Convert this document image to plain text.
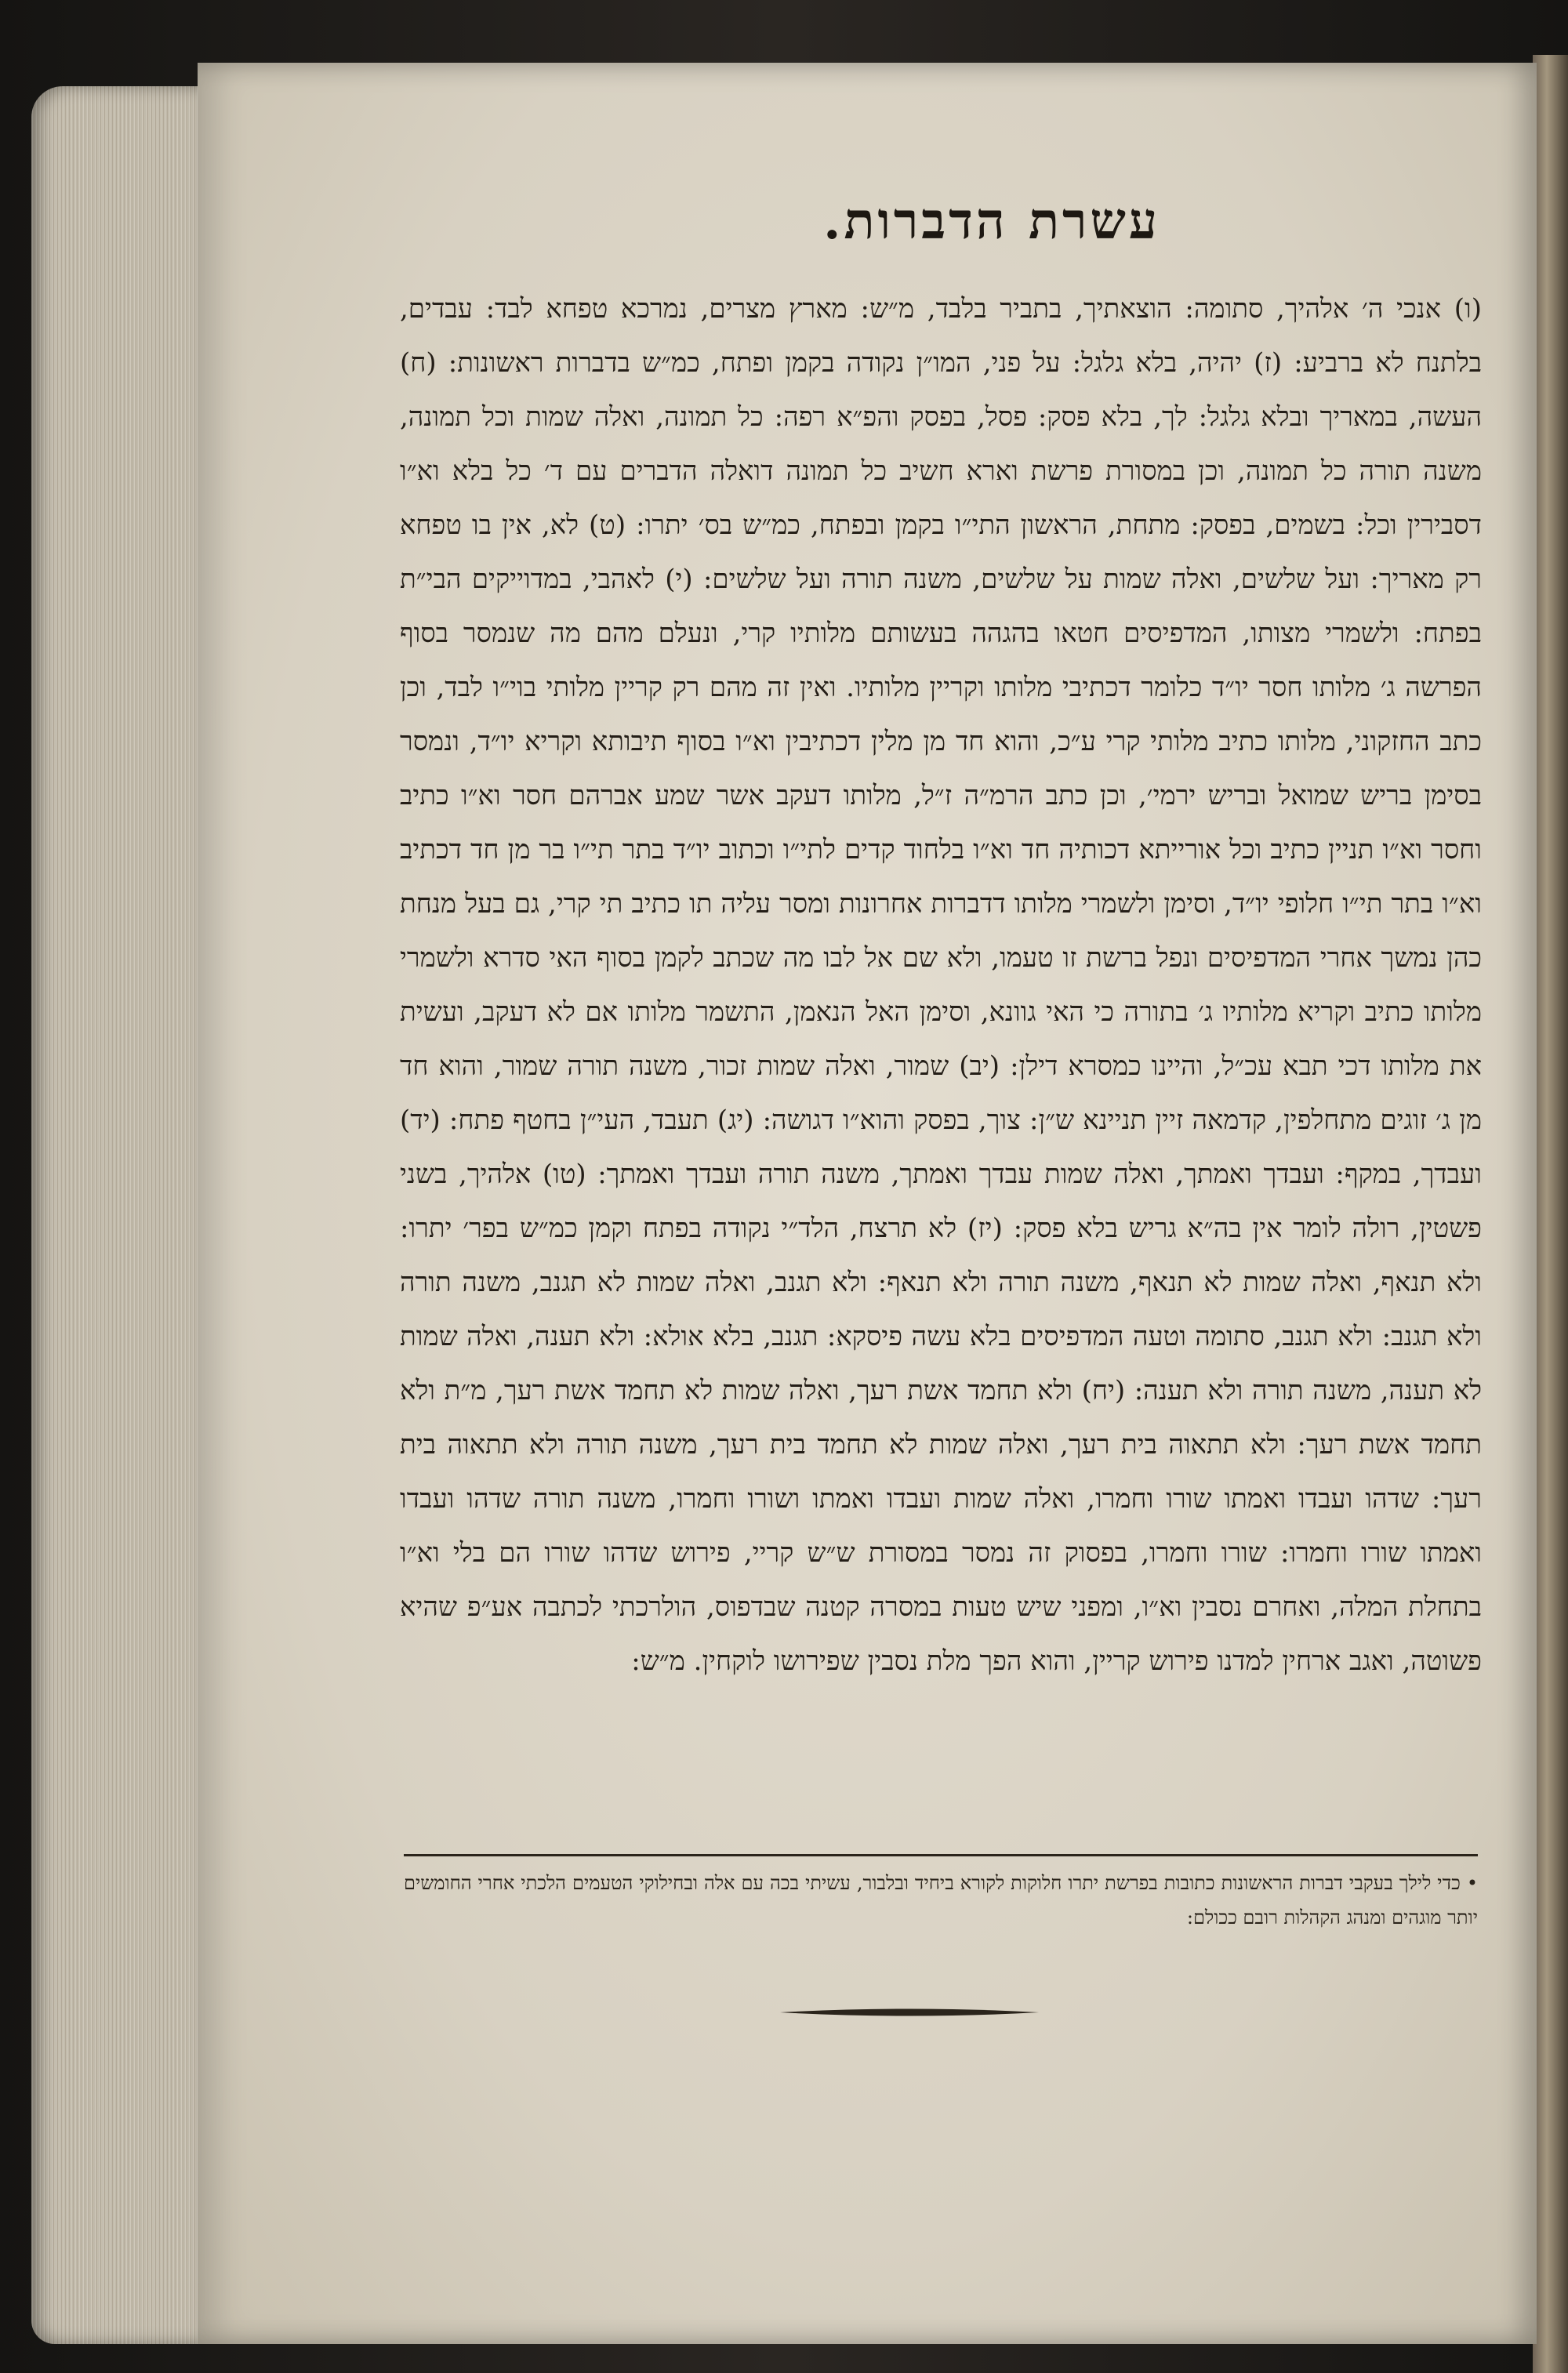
עשרת הדברות.

(ו) אנכי ה׳ אלהיך, סתומה: הוצאתיך, בתביר בלבד, מ״ש: מארץ מצרים, נמרכא טפחא לבד: עבדים, בלתנח לא ברביע: (ז) יהיה, בלא גלגל: על פני, המו״ן נקודה בקמן ופתח, כמ״ש בדברות ראשונות: (ח) העשה, במאריך ובלא גלגל: לך, בלא פסק: פסל, בפסק והפ״א רפה: כל תמונה, ואלה שמות וכל תמונה, משנה תורה כל תמונה, וכן במסורת פרשת וארא חשיב כל תמונה דואלה הדברים עם ד׳ כל בלא וא״ו דסבירין וכל: בשמים, בפסק: מתחת, הראשון התי״ו בקמן ובפתח, כמ״ש בס׳ יתרו: (ט) לא, אין בו טפחא רק מאריך: ועל שלשים, ואלה שמות על שלשים, משנה תורה ועל שלשים: (י) לאהבי, במדוייקים הבי״ת בפתח: ולשמרי מצותו, המדפיסים חטאו בהגהה בעשותם מלותיו קרי, ונעלם מהם מה שנמסר בסוף הפרשה ג׳ מלותו חסר יו״ד כלומר דכתיבי מלותו וקריין מלותיו. ואין זה מהם רק קריין מלותי בוי״ו לבד, וכן כתב החזקוני, מלותו כתיב מלותי קרי ע״כ, והוא חד מן מלין דכתיבין וא״ו בסוף תיבותא וקריא יו״ד, ונמסר בסימן בריש שמואל ובריש ירמי׳, וכן כתב הרמ״ה ז״ל, מלותו דעקב אשר שמע אברהם חסר וא״ו כתיב וחסר וא״ו תניין כתיב וכל אורייתא דכותיה חד וא״ו בלחוד קדים לתי״ו וכתוב יו״ד בתר תי״ו בר מן חד דכתיב וא״ו בתר תי״ו חלופי יו״ד, וסימן ולשמרי מלותו דדברות אחרונות ומסר עליה תו כתיב תי קרי, גם בעל מנחת כהן נמשך אחרי המדפיסים ונפל ברשת זו טעמו, ולא שם אל לבו מה שכתב לקמן בסוף האי סדרא ולשמרי מלותו כתיב וקריא מלותיו ג׳ בתורה כי האי גוונא, וסימן האל הנאמן, התשמר מלותו אם לא דעקב, ועשית את מלותו דכי תבא עכ״ל, והיינו כמסרא דילן: (יב) שמור, ואלה שמות זכור, משנה תורה שמור, והוא חד מן ג׳ זוגים מתחלפין, קדמאה זיין תניינא ש״ן: צוך, בפסק והוא״ו דגושה: (יג) תעבד, העי״ן בחטף פתח: (יד) ועבדך, במקף: ועבדך ואמתך, ואלה שמות עבדך ואמתך, משנה תורה ועבדך ואמתך: (טו) אלהיך, בשני פשטין, רולה לומר אין בה״א גריש בלא פסק: (יז) לא תרצח, הלד״י נקודה בפתח וקמן כמ״ש בפר׳ יתרו: ולא תנאף, ואלה שמות לא תנאף, משנה תורה ולא תנאף: ולא תגנב, ואלה שמות לא תגנב, משנה תורה ולא תגנב: ולא תגנב, סתומה וטעה המדפיסים בלא עשה פיסקא: תגנב, בלא אולא: ולא תענה, ואלה שמות לא תענה, משנה תורה ולא תענה: (יח) ולא תחמד אשת רעך, ואלה שמות לא תחמד אשת רעך, מ״ת ולא תחמד אשת רעך: ולא תתאוה בית רעך, ואלה שמות לא תחמד בית רעך, משנה תורה ולא תתאוה בית רעך: שדהו ועבדו ואמתו שורו וחמרו, ואלה שמות ועבדו ואמתו ושורו וחמרו, משנה תורה שדהו ועבדו ואמתו שורו וחמרו: שורו וחמרו, בפסוק זה נמסר במסורת ש״ש קריי, פירוש שדהו שורו הם בלי וא״ו בתחלת המלה, ואחרם נסבין וא״ו, ומפני שיש טעות במסרה קטנה שבדפוס, הולרכתי לכתבה אע״פ שהיא פשוטה, ואגב ארחין למדנו פירוש קריין, והוא הפך מלת נסבין שפירושו לוקחין. מ״ש:

• כדי לילך בעקבי דברות הראשונות כתובות בפרשת יתרו חלוקות לקורא ביחיד ובלבור, עשיתי בכה עם אלה ובחילוקי הטעמים הלכתי אחרי החומשים יותר מוגהים ומנהג הקהלות רובם ככולם:
